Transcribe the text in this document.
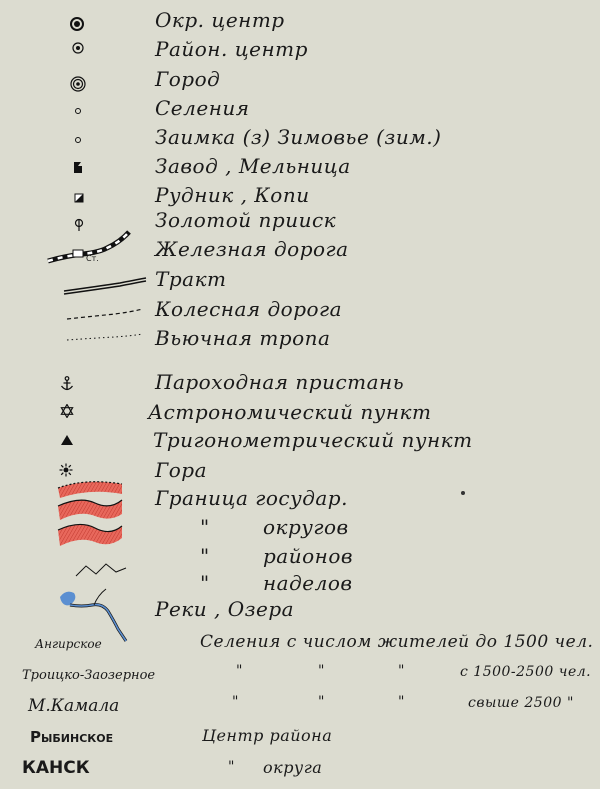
Окр. центр
Район. центр
Город
Селения
Заимка (з) Зимовье (зим.)
Завод , Мельница
Рудник , Копи
Золотой прииск
Ст.	Железная дорога
Тракт
Колесная дорога
Вьючная тропа
Пароходная пристань
Астрономический пункт
Тригонометрический пункт
Гора
Граница государ.
"	округов
"	районов
"	наделов
Реки , Озера
Ангирское	Селения с числом жителей до 1500 чел.
Троицко-Заозерное	"	"	"	с 1500-2500 чел.
М.Камала	"	"	"	свыше 2500 "
Рыбинское	Центр района
КАНСК	" округа
